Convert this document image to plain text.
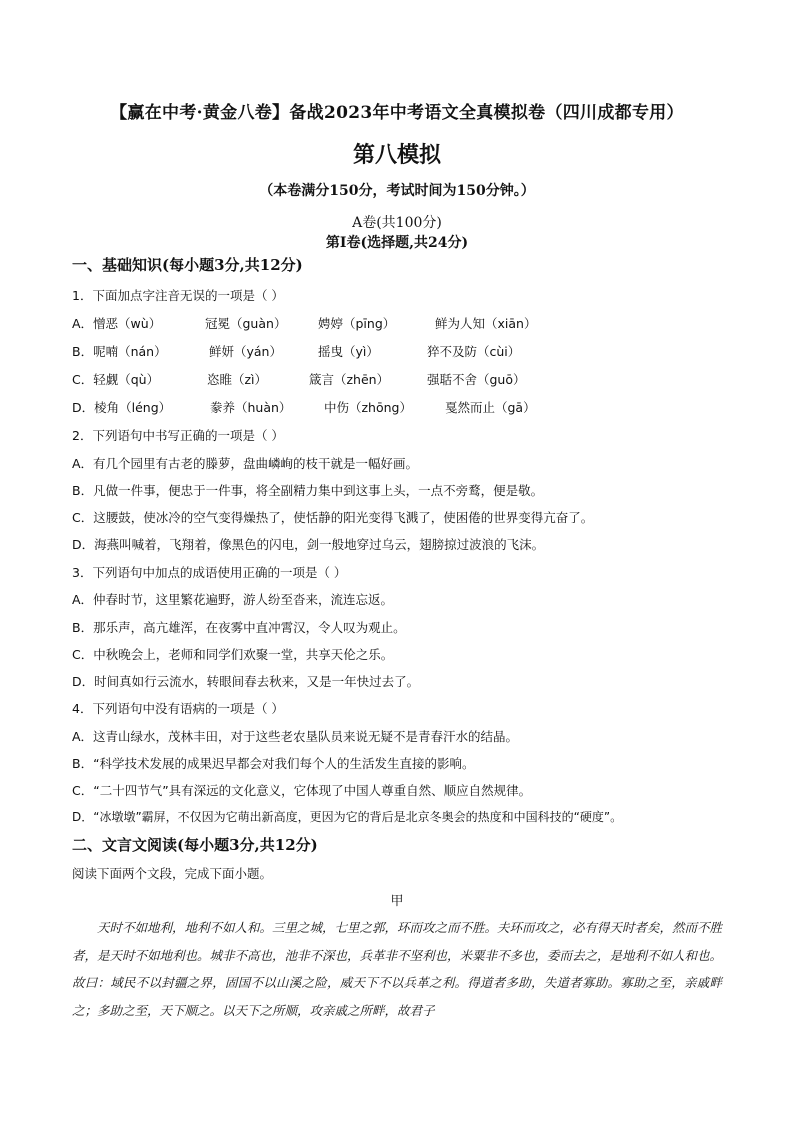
【赢在中考·黄金八卷】备战2023年中考语文全真模拟卷（四川成都专用）
第八模拟
（本卷满分150分，考试时间为150分钟。）
A卷(共100分)
第Ⅰ卷(选择题,共24分)
一、基础知识(每小题3分,共12分)
1．下面加点字注音无误的一项是（ ）
A．憎恶（wù）	冠冕（guàn）	娉婷（pīng）	鲜为人知（xiān）
B．呢喃（nán）	鲜妍（yán）	摇曳（yì）	猝不及防（cùi）
C．轻觑（qù）	恣睢（zì）	箴言（zhēn）	强聒不舍（guō）
D．棱角（léng）	豢养（huàn）	中伤（zhōng）	戛然而止（gā）
2．下列语句中书写正确的一项是（ ）
A．有几个园里有古老的滕萝，盘曲嶙峋的枝干就是一幅好画。
B．凡做一件事，便忠于一件事，将全副精力集中到这事上头，一点不旁鹜，便是敬。
C．这腰鼓，使冰冷的空气变得燥热了，使恬静的阳光变得飞溅了，使困倦的世界变得亢奋了。
D．海燕叫喊着，飞翔着，像黑色的闪电，剑一般地穿过乌云，翅膀掠过波浪的飞沫。
3．下列语句中加点的成语使用正确的一项是（ ）
A．仲春时节，这里繁花遍野，游人纷至沓来，流连忘返。
B．那乐声，高亢雄浑，在夜雾中直冲霄汉，令人叹为观止。
C．中秋晚会上，老师和同学们欢聚一堂，共享天伦之乐。
D．时间真如行云流水，转眼间春去秋来，又是一年快过去了。
4．下列语句中没有语病的一项是（ ）
A．这青山绿水，茂林丰田，对于这些老农垦队员来说无疑不是青春汗水的结晶。
B．“科学技术发展的成果迟早都会对我们每个人的生活发生直接的影响。
C．“二十四节气”具有深远的文化意义，它体现了中国人尊重自然、顺应自然规律。
D．“冰墩墩”霸屏，不仅因为它萌出新高度，更因为它的背后是北京冬奥会的热度和中国科技的“硬度”。
二、文言文阅读(每小题3分,共12分)
阅读下面两个文段，完成下面小题。
甲
天时不如地利，地利不如人和。三里之城，七里之郭，环而攻之而不胜。夫环而攻之，必有得天时者矣，然而不胜者，是天时不如地利也。城非不高也，池非不深也，兵革非不坚利也，米粟非不多也，委而去之，是地利不如人和也。故曰：域民不以封疆之界，固国不以山溪之险，威天下不以兵革之利。得道者多助，失道者寡助。寡助之至，亲戚畔之；多助之至，天下顺之。以天下之所顺，攻亲戚之所畔，故君子
